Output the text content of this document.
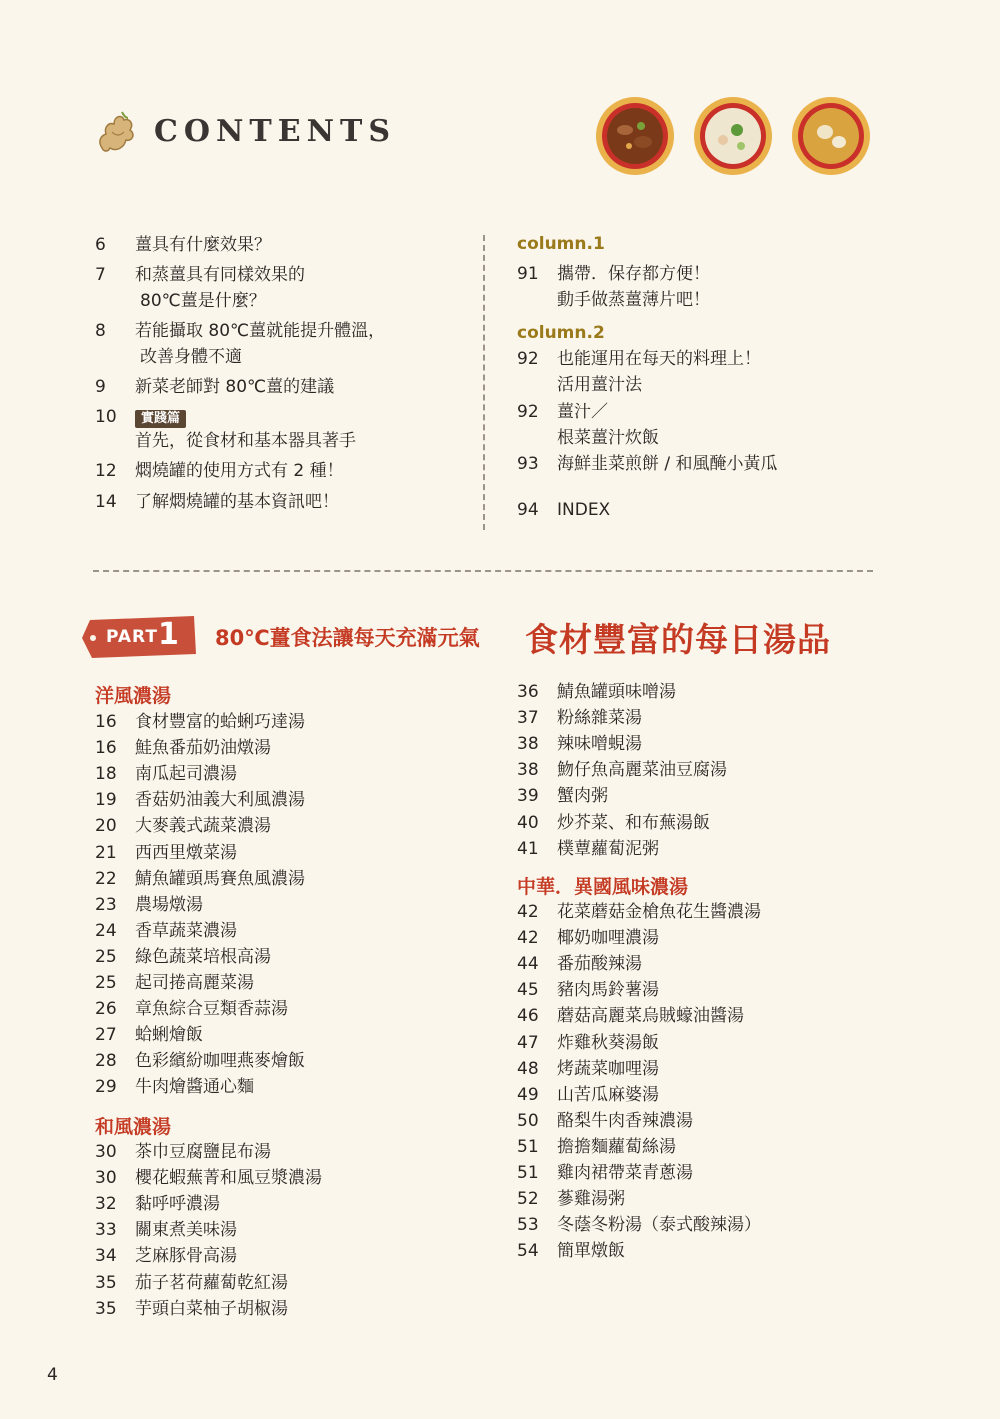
CONTENTS
6 薑具有什麼效果？
7 和蒸薑具有同樣效果的
80℃薑是什麼？
8 若能攝取 80℃薑就能提升體溫，
改善身體不適
9 新菜老師對 80℃薑的建議
10	實踐篇
首先，從食材和基本器具著手
12 燜燒罐的使用方式有 2 種！
14 了解燜燒罐的基本資訊吧！
column.1
91 攜帶．保存都方便！
動手做蒸薑薄片吧！
column.2
92 也能運用在每天的料理上！
活用薑汁法
92 薑汁／
根菜薑汁炊飯
93 海鮮韭菜煎餅 / 和風醃小黃瓜
94 INDEX
PART 1 80℃薑食法讓每天充滿元氣 食材豐富的每日湯品
洋風濃湯
16 食材豐富的蛤蜊巧達湯
16 鮭魚番茄奶油燉湯
18 南瓜起司濃湯
19 香菇奶油義大利風濃湯
20 大麥義式蔬菜濃湯
21 西西里燉菜湯
22 鯖魚罐頭馬賽魚風濃湯
23 農場燉湯
24 香草蔬菜濃湯
25 綠色蔬菜培根高湯
25 起司捲高麗菜湯
26 章魚綜合豆類香蒜湯
27 蛤蜊燴飯
28 色彩繽紛咖哩燕麥燴飯
29 牛肉燴醬通心麵
和風濃湯
30 茶巾豆腐鹽昆布湯
30 櫻花蝦蕪菁和風豆漿濃湯
32 黏呼呼濃湯
33 關東煮美味湯
34 芝麻豚骨高湯
35 茄子茗荷蘿蔔乾紅湯
35 芋頭白菜柚子胡椒湯
36 鯖魚罐頭味噌湯
37 粉絲雜菜湯
38 辣味噌蜆湯
38 魩仔魚高麗菜油豆腐湯
39 蟹肉粥
40 炒芥菜、和布蕪湯飯
41 樸蕈蘿蔔泥粥
中華．異國風味濃湯
42 花菜蘑菇金槍魚花生醬濃湯
42 椰奶咖哩濃湯
44 番茄酸辣湯
45 豬肉馬鈴薯湯
46 蘑菇高麗菜烏賊蠔油醬湯
47 炸雞秋葵湯飯
48 烤蔬菜咖哩湯
49 山苦瓜麻婆湯
50 酪梨牛肉香辣濃湯
51 擔擔麵蘿蔔絲湯
51 雞肉裙帶菜青蔥湯
52 蔘雞湯粥
53 冬蔭冬粉湯（泰式酸辣湯）
54 簡單燉飯
4
